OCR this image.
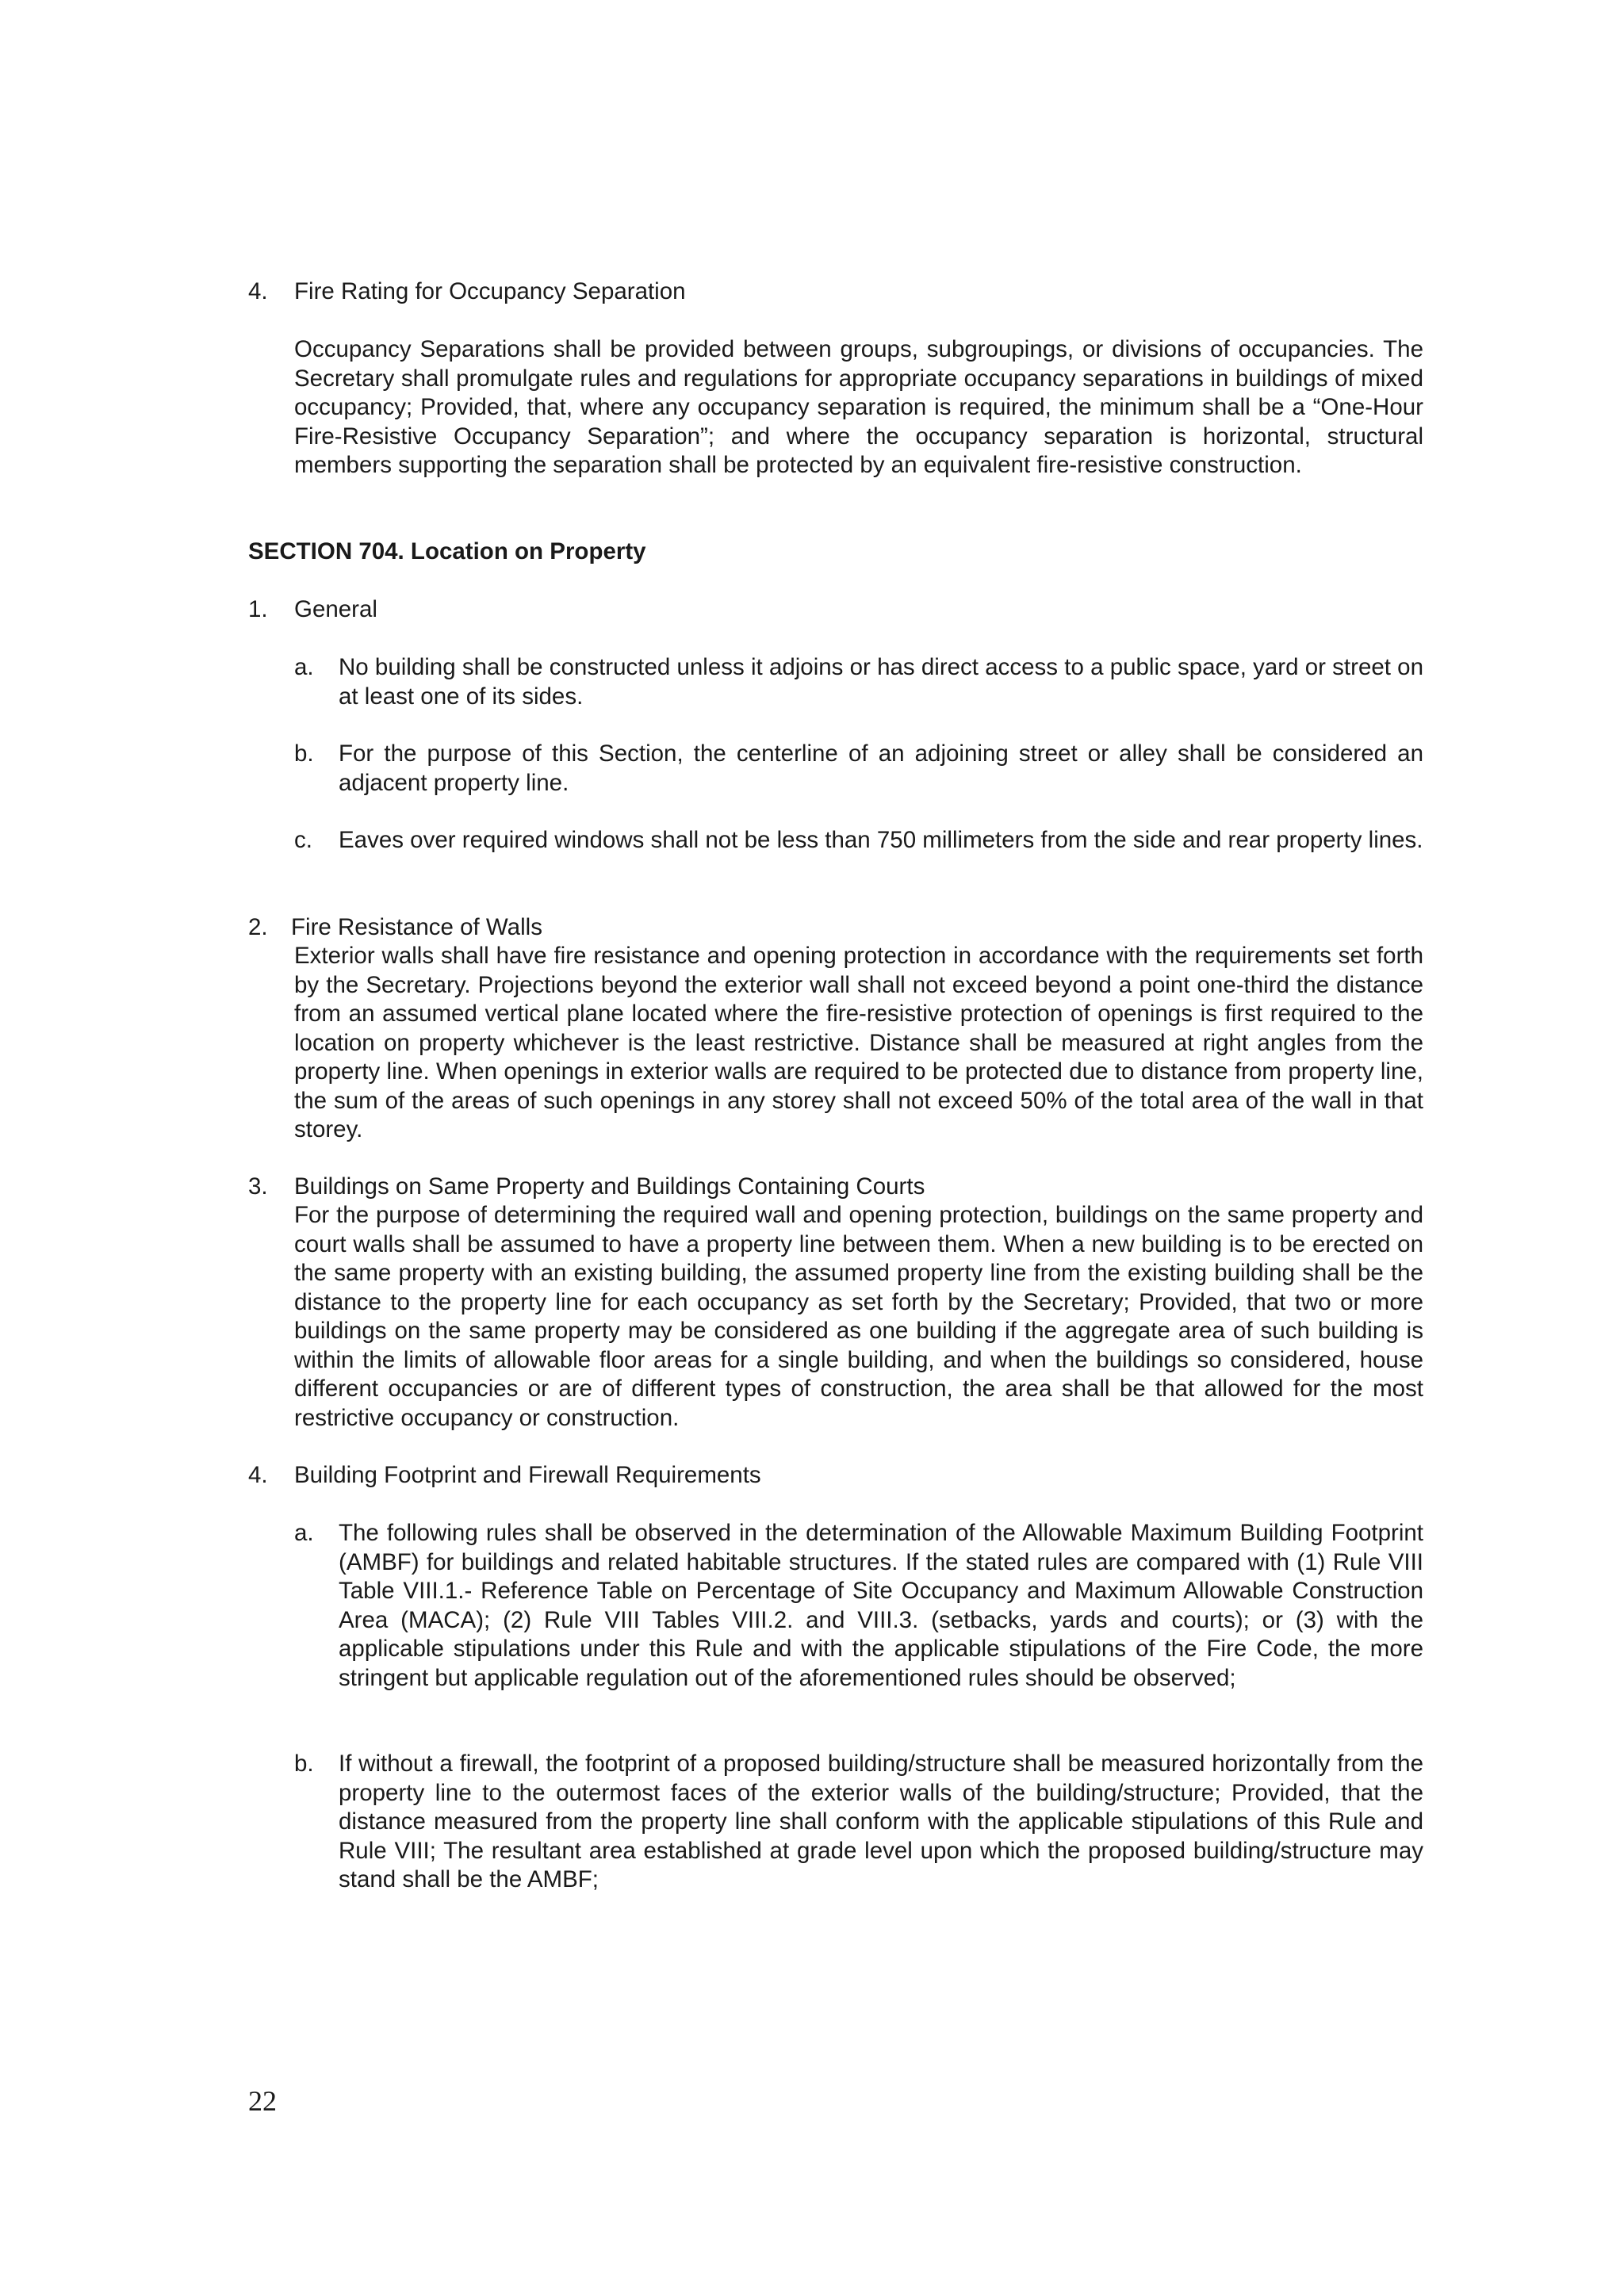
4. Fire Rating for Occupancy Separation
Occupancy Separations shall be provided between groups, subgroupings, or divisions of occupancies. The Secretary shall promulgate rules and regulations for appropriate occupancy separations in buildings of mixed occupancy; Provided, that, where any occupancy separation is required, the minimum shall be a “One-Hour Fire-Resistive Occupancy Separation”; and where the occupancy separation is horizontal, structural members supporting the separation shall be protected by an equivalent fire-resistive construction.
SECTION 704. Location on Property
1. General
a. No building shall be constructed unless it adjoins or has direct access to a public space, yard or street on at least one of its sides.
b. For the purpose of this Section, the centerline of an adjoining street or alley shall be considered an adjacent property line.
c. Eaves over required windows shall not be less than 750 millimeters from the side and rear property lines.
2. Fire Resistance of Walls
Exterior walls shall have fire resistance and opening protection in accordance with the requirements set forth by the Secretary. Projections beyond the exterior wall shall not exceed beyond a point one-third the distance from an assumed vertical plane located where the fire-resistive protection of openings is first required to the location on property whichever is the least restrictive. Distance shall be measured at right angles from the property line. When openings in exterior walls are required to be protected due to distance from property line, the sum of the areas of such openings in any storey shall not exceed 50% of the total area of the wall in that storey.
3. Buildings on Same Property and Buildings Containing Courts
For the purpose of determining the required wall and opening protection, buildings on the same property and court walls shall be assumed to have a property line between them. When a new building is to be erected on the same property with an existing building, the assumed property line from the existing building shall be the distance to the property line for each occupancy as set forth by the Secretary; Provided, that two or more buildings on the same property may be considered as one building if the aggregate area of such building is within the limits of allowable floor areas for a single building, and when the buildings so considered, house different occupancies or are of different types of construction, the area shall be that allowed for the most restrictive occupancy or construction.
4. Building Footprint and Firewall Requirements
a. The following rules shall be observed in the determination of the Allowable Maximum Building Footprint (AMBF) for buildings and related habitable structures. If the stated rules are compared with (1) Rule VIII Table VIII.1.- Reference Table on Percentage of Site Occupancy and Maximum Allowable Construction Area (MACA); (2) Rule VIII Tables VIII.2. and VIII.3. (setbacks, yards and courts); or (3) with the applicable stipulations under this Rule and with the applicable stipulations of the Fire Code, the more stringent but applicable regulation out of the aforementioned rules should be observed;
b. If without a firewall, the footprint of a proposed building/structure shall be measured horizontally from the property line to the outermost faces of the exterior walls of the building/structure; Provided, that the distance measured from the property line shall conform with the applicable stipulations of this Rule and Rule VIII; The resultant area established at grade level upon which the proposed building/structure may stand shall be the AMBF;
22
